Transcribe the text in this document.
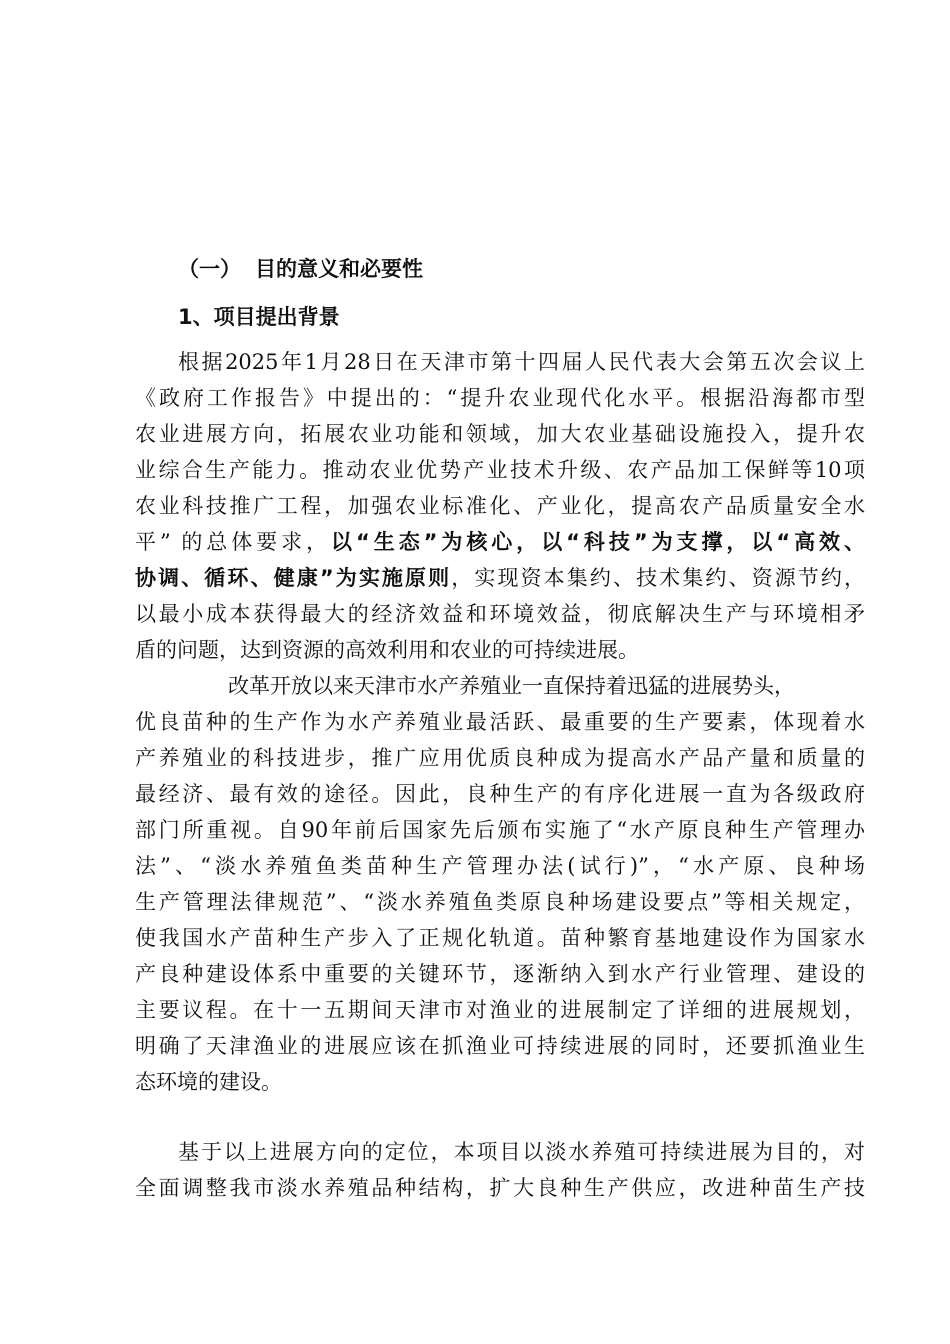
（一） 目的意义和必要性
1、项目提出背景
根据2025年1月28日在天津市第十四届人民代表大会第五次会议上
《政府工作报告》中提出的：“提升农业现代化水平。根据沿海都市型
农业进展方向，拓展农业功能和领域，加大农业基础设施投入，提升农
业综合生产能力。推动农业优势产业技术升级、农产品加工保鲜等10项
农业科技推广工程，加强农业标准化、产业化，提高农产品质量安全水
平” 的总体要求，以“生态”为核心，以“科技”为支撑，以“高效、
协调、循环、健康”为实施原则，实现资本集约、技术集约、资源节约，
以最小成本获得最大的经济效益和环境效益，彻底解决生产与环境相矛
盾的问题，达到资源的高效利用和农业的可持续进展。
改革开放以来天津市水产养殖业一直保持着迅猛的进展势头，
优良苗种的生产作为水产养殖业最活跃、最重要的生产要素，体现着水
产养殖业的科技进步，推广应用优质良种成为提高水产品产量和质量的
最经济、最有效的途径。因此，良种生产的有序化进展一直为各级政府
部门所重视。自90年前后国家先后颁布实施了“水产原良种生产管理办
法”、“淡水养殖鱼类苗种生产管理办法(试行)”，“水产原、良种场
生产管理法律规范”、“淡水养殖鱼类原良种场建设要点”等相关规定，
使我国水产苗种生产步入了正规化轨道。苗种繁育基地建设作为国家水
产良种建设体系中重要的关键环节，逐渐纳入到水产行业管理、建设的
主要议程。在十一五期间天津市对渔业的进展制定了详细的进展规划，
明确了天津渔业的进展应该在抓渔业可持续进展的同时，还要抓渔业生
态环境的建设。
基于以上进展方向的定位，本项目以淡水养殖可持续进展为目的，对
全面调整我市淡水养殖品种结构，扩大良种生产供应，改进种苗生产技
